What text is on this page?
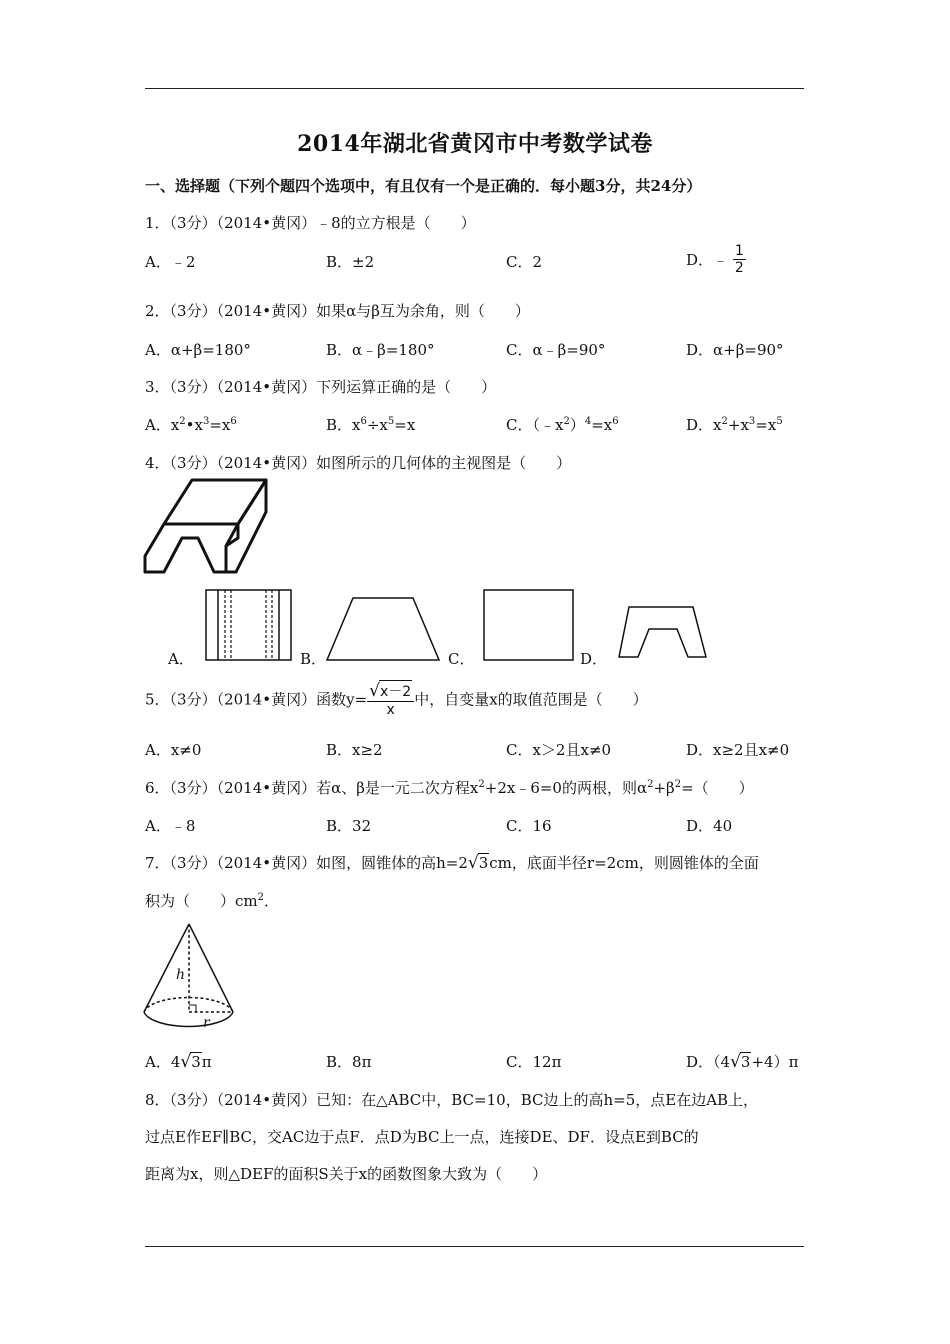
2014年湖北省黄冈市中考数学试卷
一、选择题（下列个题四个选项中，有且仅有一个是正确的．每小题3分，共24分）
1．（3分）（2014•黄冈）﹣8的立方根是（　　）
A．﹣2	B．±2	C．2	D．﹣ $\frac{1}{2}$
2．（3分）（2014•黄冈）如果α与β互为余角，则（　　）
A．α+β=180°	B．α﹣β=180°	C．α﹣β=90°	D．α+β=90°
3．（3分）（2014•黄冈）下列运算正确的是（　　）
A．$x^2•x^3=x^6$	B．$x^6\div x^5=x$	C．$(﹣x^2)^4=x^6$	D．$x^2+x^3=x^5$
4．（3分）（2014•黄冈）如图所示的几何体的主视图是（　　）
A．	B．	C．	D．
5．（3分）（2014•黄冈）函数$y= \frac{√x-2}{x}$ 中，自变量x的取值范围是（　　）
A．x≠0	B．x≥2	C．x＞2且x≠0	D．x≥2且x≠0
6．（3分）（2014•黄冈）若α、β是一元二次方程$x^2+2x﹣6=0$的两根，则$\alpha^2+\beta^2=$（　　）
A．﹣8	B．32	C．16	D．40
7．（3分）（2014•黄冈）如图，圆锥体的高h=2√3cm，底面半径r=2cm，则圆锥体的全面
积为（　　）$cm^2$．
h
r
A．4√3π	B．8π	C．12π	D．（4√3+4）π
8．（3分）（2014•黄冈）已知：在△ABC中，BC=10，BC边上的高h=5，点E在边AB上，
过点E作EF∥BC，交AC边于点F．点D为BC上一点，连接DE、DF．设点E到BC的
距离为x，则△DEF的面积S关于x的函数图象大致为（　　）
